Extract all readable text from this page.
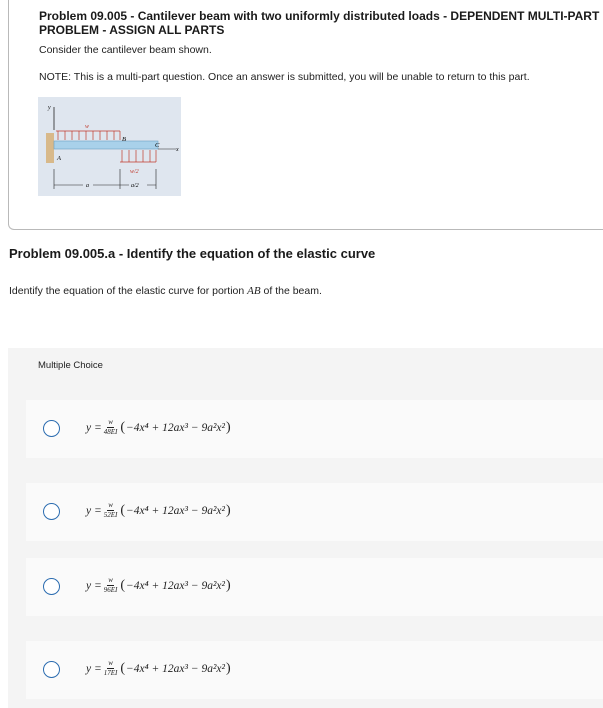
Problem 09.005 - Cantilever beam with two uniformly distributed loads - DEPENDENT MULTI-PART PROBLEM - ASSIGN ALL PARTS
Consider the cantilever beam shown.
NOTE: This is a multi-part question. Once an answer is submitted, you will be unable to return to this part.
y
x
w
w/2
A
B
C
a	a/2
Problem 09.005.a - Identify the equation of the elastic curve
Identify the equation of the elastic curve for portion AB of the beam.
Multiple Choice
$y = \frac{w}{48EI}$ ( −4x⁴ + 12ax³ − 9a²x² )
$y = \frac{w}{52EI}$ ( −4x⁴ + 12ax³ − 9a²x² )
$y = \frac{w}{96EI}$ ( −4x⁴ + 12ax³ − 9a²x² )
$y = \frac{w}{17EI}$ ( −4x⁴ + 12ax³ − 9a²x² )
